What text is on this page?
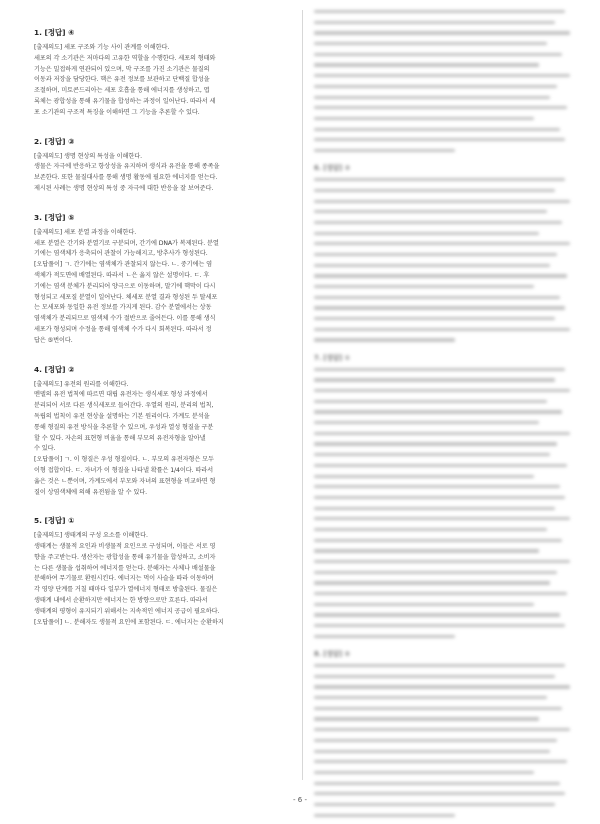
1. [정답] ④
[출제의도] 세포 구조와 기능 사이 관계를 이해한다.
세포의 각 소기관은 저마다의 고유한 역할을 수행한다. 세포의 형태와
기능은 밀접하게 연관되어 있으며, 막 구조를 가진 소기관은 물질의
이동과 저장을 담당한다. 핵은 유전 정보를 보관하고 단백질 합성을
조절하며, 미토콘드리아는 세포 호흡을 통해 에너지를 생성하고, 엽
록체는 광합성을 통해 유기물을 합성하는 과정이 일어난다. 따라서 세
포 소기관의 구조적 특징을 이해하면 그 기능을 추론할 수 있다.
2. [정답] ③
[출제의도] 생명 현상의 특성을 이해한다.
생물은 자극에 반응하고 항상성을 유지하며 생식과 유전을 통해 종족을
보존한다. 또한 물질대사를 통해 생명 활동에 필요한 에너지를 얻는다.
제시된 사례는 생명 현상의 특성 중 자극에 대한 반응을 잘 보여준다.
3. [정답] ⑤
[출제의도] 세포 분열 과정을 이해한다.
세포 분열은 간기와 분열기로 구분되며, 간기에 DNA가 복제된다. 분열
기에는 염색체가 응축되어 관찰이 가능해지고, 방추사가 형성된다.
[오답풀이] ㄱ. 간기에는 염색체가 관찰되지 않는다. ㄴ. 중기에는 염
색체가 적도면에 배열된다. 따라서 ㄴ은 옳지 않은 설명이다. ㄷ. 후
기에는 염색 분체가 분리되어 양극으로 이동하며, 말기에 핵막이 다시
형성되고 세포질 분열이 일어난다. 체세포 분열 결과 형성된 두 딸세포
는 모세포와 동일한 유전 정보를 가지게 된다. 감수 분열에서는 상동
염색체가 분리되므로 염색체 수가 절반으로 줄어든다. 이를 통해 생식
세포가 형성되며 수정을 통해 염색체 수가 다시 회복된다. 따라서 정
답은 ⑤번이다.
4. [정답] ②
[출제의도] 유전의 원리를 이해한다.
멘델의 유전 법칙에 따르면 대립 유전자는 생식세포 형성 과정에서
분리되어 서로 다른 생식세포로 들어간다. 우열의 원리, 분리의 법칙,
독립의 법칙이 유전 현상을 설명하는 기본 원리이다. 가계도 분석을
통해 형질의 유전 방식을 추론할 수 있으며, 우성과 열성 형질을 구분
할 수 있다. 자손의 표현형 비율을 통해 부모의 유전자형을 알아낼
수 있다.
[오답풀이] ㄱ. 이 형질은 우성 형질이다. ㄴ. 부모의 유전자형은 모두
이형 접합이다. ㄷ. 자녀가 이 형질을 나타낼 확률은 1/4이다. 따라서
옳은 것은 ㄴ뿐이며, 가계도에서 부모와 자녀의 표현형을 비교하면 형
질이 상염색체에 의해 유전됨을 알 수 있다.
5. [정답] ①
[출제의도] 생태계의 구성 요소를 이해한다.
생태계는 생물적 요인과 비생물적 요인으로 구성되며, 이들은 서로 영
향을 주고받는다. 생산자는 광합성을 통해 유기물을 합성하고, 소비자
는 다른 생물을 섭취하여 에너지를 얻는다. 분해자는 사체나 배설물을
분해하여 무기물로 환원시킨다. 에너지는 먹이 사슬을 따라 이동하며
각 영양 단계를 거칠 때마다 일부가 열에너지 형태로 방출된다. 물질은
생태계 내에서 순환하지만 에너지는 한 방향으로만 흐른다. 따라서
생태계의 평형이 유지되기 위해서는 지속적인 에너지 공급이 필요하다.
[오답풀이] ㄴ. 분해자도 생물적 요인에 포함된다. ㄷ. 에너지는 순환하지
6. [정답] ③
7. [정답] ①
8. [정답] ⑤
- 6 -
